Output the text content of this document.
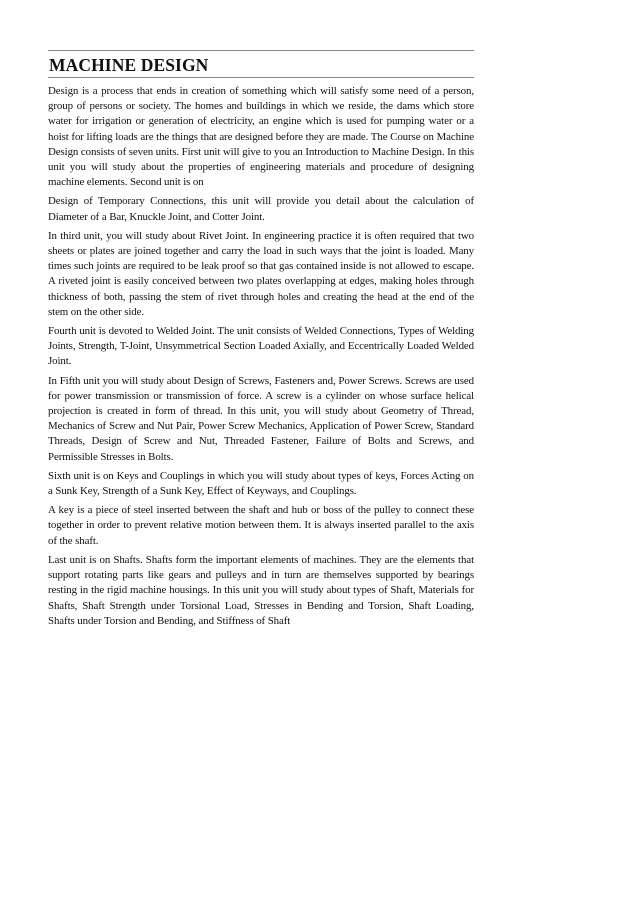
MACHINE DESIGN

Design is a process that ends in creation of something which will satisfy some need of a person, group of persons or society. The homes and buildings in which we reside, the dams which store water for irrigation or generation of electricity, an engine which is used for pumping water or a hoist for lifting loads are the things that are designed before they are made. The Course on Machine Design consists of seven units. First unit will give to you an Introduction to Machine Design. In this unit you will study about the properties of engineering materials and procedure of designing machine elements. Second unit is on

Design of Temporary Connections, this unit will provide you detail about the calculation of Diameter of a Bar, Knuckle Joint, and Cotter Joint.

In third unit, you will study about Rivet Joint. In engineering practice it is often required that two sheets or plates are joined together and carry the load in such ways that the joint is loaded. Many times such joints are required to be leak proof so that gas contained inside is not allowed to escape. A riveted joint is easily conceived between two plates overlapping at edges, making holes through thickness of both, passing the stem of rivet through holes and creating the head at the end of the stem on the other side.

Fourth unit is devoted to Welded Joint. The unit consists of Welded Connections, Types of Welding Joints, Strength, T-Joint, Unsymmetrical Section Loaded Axially, and Eccentrically Loaded Welded Joint.

In Fifth unit you will study about Design of Screws, Fasteners and, Power Screws. Screws are used for power transmission or transmission of force. A screw is a cylinder on whose surface helical projection is created in form of thread. In this unit, you will study about Geometry of Thread, Mechanics of Screw and Nut Pair, Power Screw Mechanics, Application of Power Screw, Standard Threads, Design of Screw and Nut, Threaded Fastener, Failure of Bolts and Screws, and Permissible Stresses in Bolts.

Sixth unit is on Keys and Couplings in which you will study about types of keys, Forces Acting on a Sunk Key, Strength of a Sunk Key, Effect of Keyways, and Couplings.

A key is a piece of steel inserted between the shaft and hub or boss of the pulley to connect these together in order to prevent relative motion between them. It is always inserted parallel to the axis of the shaft.

Last unit is on Shafts. Shafts form the important elements of machines. They are the elements that support rotating parts like gears and pulleys and in turn are themselves supported by bearings resting in the rigid machine housings. In this unit you will study about types of Shaft, Materials for Shafts, Shaft Strength under Torsional Load, Stresses in Bending and Torsion, Shaft Loading, Shafts under Torsion and Bending, and Stiffness of Shaft
